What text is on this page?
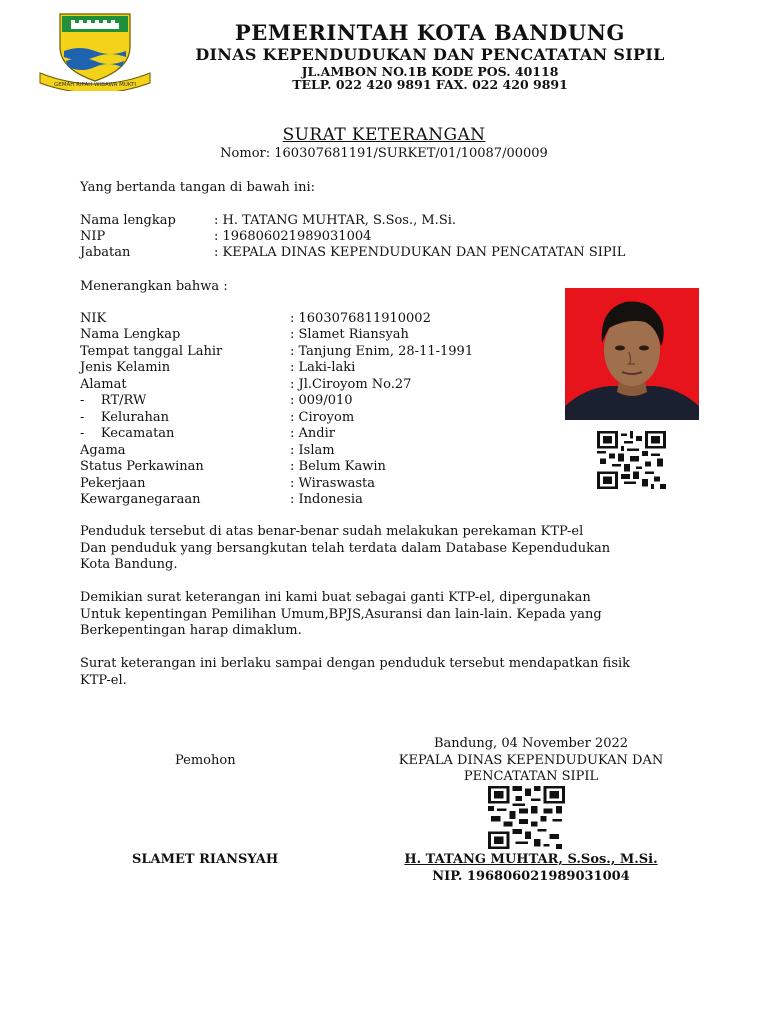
GEMAH RIPAH WIBAWA MUKTI
PEMERINTAH KOTA BANDUNG
DINAS KEPENDUDUKAN DAN PENCATATAN SIPIL
JL.AMBON NO.1B KODE POS. 40118
TELP. 022 420 9891 FAX. 022 420 9891
SURAT KETERANGAN
Nomor: 160307681191/SURKET/01/10087/00009
Yang bertanda tangan di bawah ini:
Nama lengkap	: H. TATANG MUHTAR, S.Sos., M.Si.
NIP	: 196806021989031004
Jabatan	: KEPALA DINAS KEPENDUDUKAN DAN PENCATATAN SIPIL
Menerangkan bahwa :
NIK	: 1603076811910002
Nama Lengkap	: Slamet Riansyah
Tempat tanggal Lahir	: Tanjung Enim, 28-11-1991
Jenis Kelamin	: Laki-laki
Alamat	: Jl.Ciroyom No.27
-    RT/RW	: 009/010
-    Kelurahan	: Ciroyom
-    Kecamatan	: Andir
Agama	: Islam
Status Perkawinan	: Belum Kawin
Pekerjaan	: Wiraswasta
Kewarganegaraan	: Indonesia
Penduduk tersebut di atas benar-benar sudah melakukan perekaman KTP-el
Dan penduduk yang bersangkutan telah terdata dalam Database Kependudukan
Kota Bandung.
Demikian surat keterangan ini kami buat sebagai ganti KTP-el, dipergunakan
Untuk kepentingan Pemilihan Umum,BPJS,Asuransi dan lain-lain. Kepada yang
Berkepentingan harap dimaklum.
Surat keterangan ini berlaku sampai dengan penduduk tersebut mendapatkan fisik
KTP-el.
Bandung, 04 November 2022
Pemohon	KEPALA DINAS KEPENDUDUKAN DAN
PENCATATAN SIPIL
SLAMET RIANSYAH	H. TATANG MUHTAR, S.Sos., M.Si.
NIP. 196806021989031004
